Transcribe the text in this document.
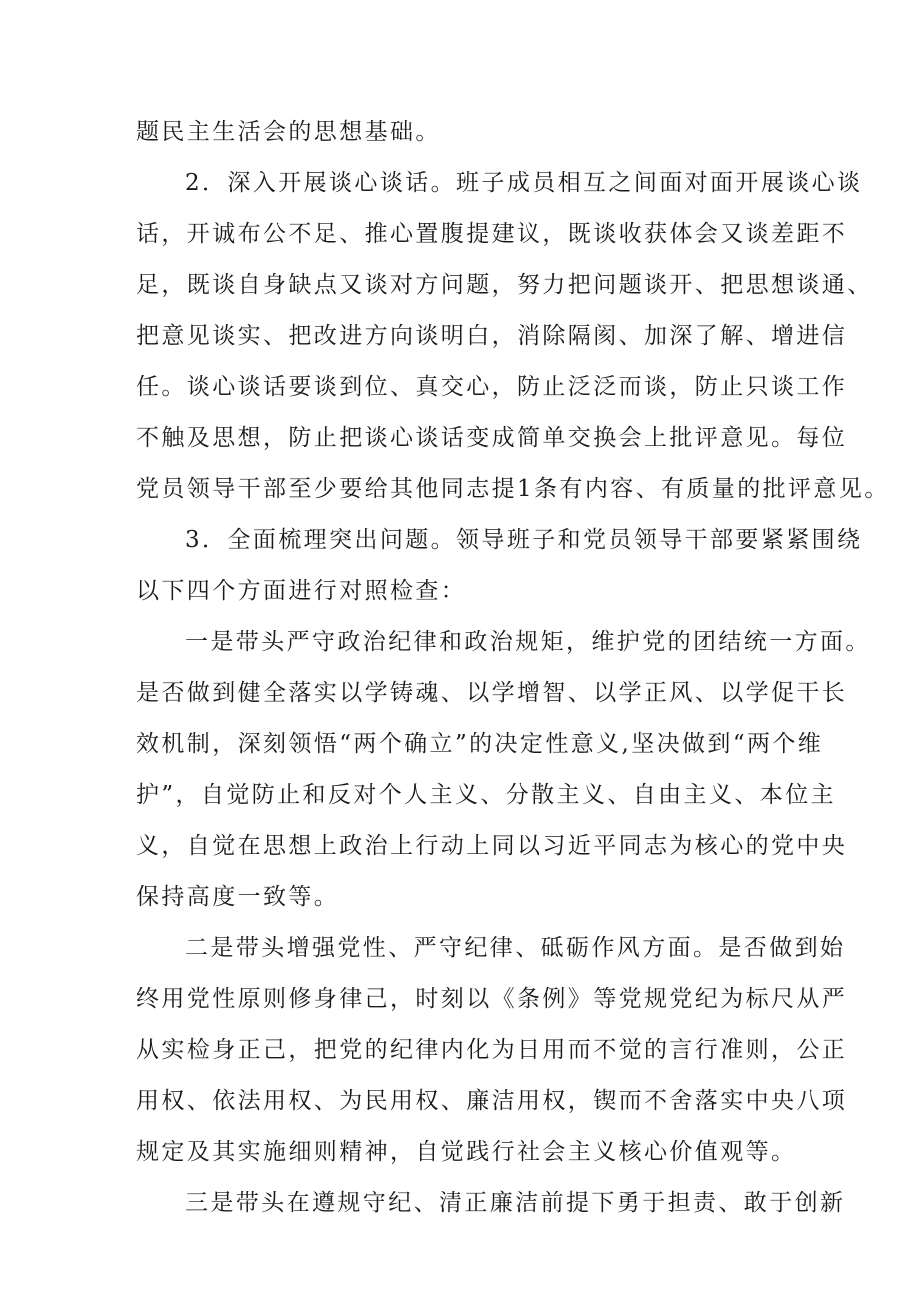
题民主生活会的思想基础。
2．深入开展谈心谈话。班子成员相互之间面对面开展谈心谈
话，开诚布公不足、推心置腹提建议，既谈收获体会又谈差距不
足，既谈自身缺点又谈对方问题，努力把问题谈开、把思想谈通、
把意见谈实、把改进方向谈明白，消除隔阂、加深了解、增进信
任。谈心谈话要谈到位、真交心，防止泛泛而谈，防止只谈工作
不触及思想，防止把谈心谈话变成简单交换会上批评意见。每位
党员领导干部至少要给其他同志提1条有内容、有质量的批评意见。
3．全面梳理突出问题。领导班子和党员领导干部要紧紧围绕
以下四个方面进行对照检查：
一是带头严守政治纪律和政治规矩，维护党的团结统一方面。
是否做到健全落实以学铸魂、以学增智、以学正风、以学促干长
效机制，深刻领悟“两个确立”的决定性意义,坚决做到“两个维
护”，自觉防止和反对个人主义、分散主义、自由主义、本位主
义，自觉在思想上政治上行动上同以习近平同志为核心的党中央
保持高度一致等。
二是带头增强党性、严守纪律、砥砺作风方面。是否做到始
终用党性原则修身律己，时刻以《条例》等党规党纪为标尺从严
从实检身正己，把党的纪律内化为日用而不觉的言行准则，公正
用权、依法用权、为民用权、廉洁用权，锲而不舍落实中央八项
规定及其实施细则精神，自觉践行社会主义核心价值观等。
三是带头在遵规守纪、清正廉洁前提下勇于担责、敢于创新
